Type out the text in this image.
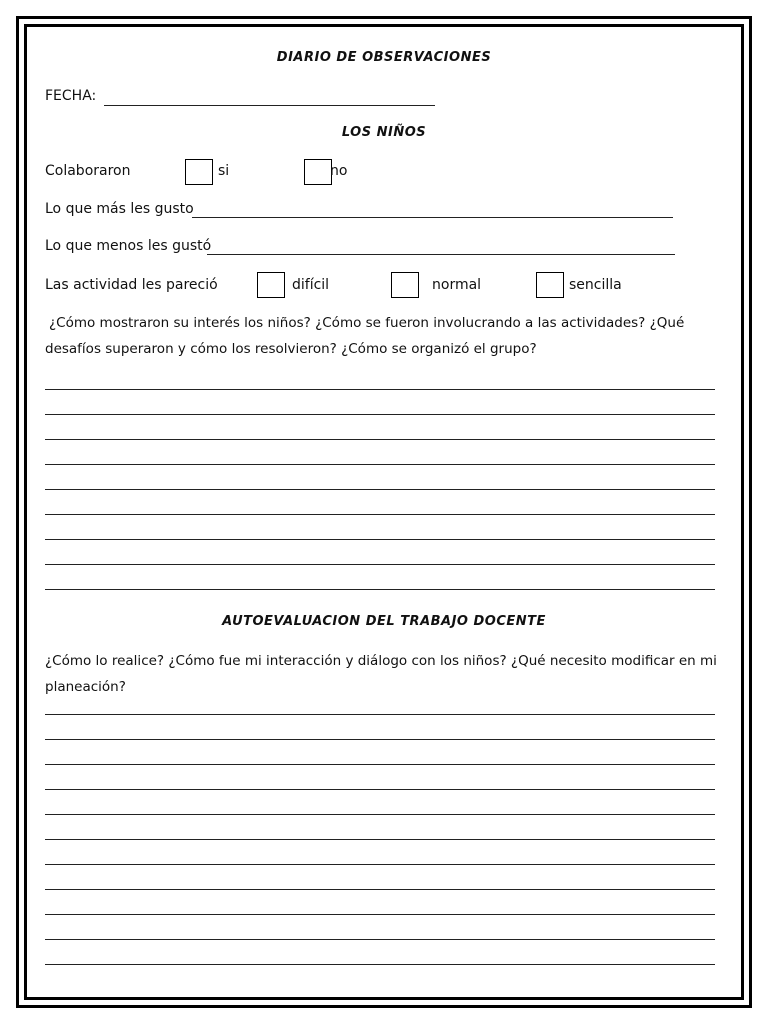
DIARIO DE OBSERVACIONES
FECHA:
LOS NIÑOS
Colaboraron	si	no
Lo que más les gusto
Lo que menos les gustó
Las actividad les pareció	difícil	normal	sencilla
¿Cómo mostraron su interés los niños? ¿Cómo se fueron involucrando a las actividades? ¿Qué desafíos superaron y cómo los resolvieron? ¿Cómo se organizó el grupo?
AUTOEVALUACION DEL TRABAJO DOCENTE
¿Cómo lo realice? ¿Cómo fue mi interacción y diálogo con los niños? ¿Qué necesito modificar en mi planeación?
